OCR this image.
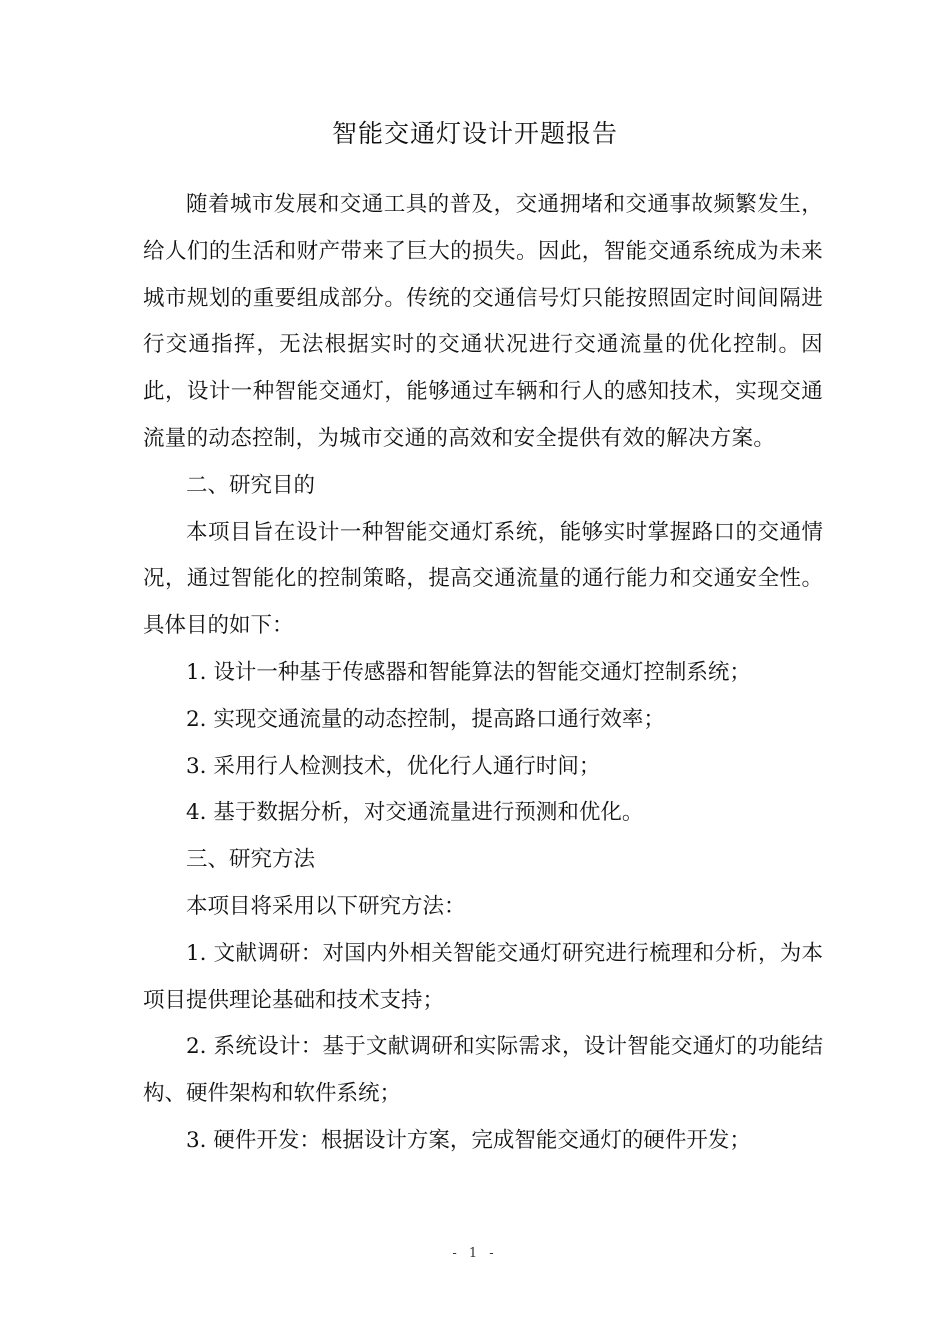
智能交通灯设计开题报告

随着城市发展和交通工具的普及，交通拥堵和交通事故频繁发生，给人们的生活和财产带来了巨大的损失。因此，智能交通系统成为未来城市规划的重要组成部分。传统的交通信号灯只能按照固定时间间隔进行交通指挥，无法根据实时的交通状况进行交通流量的优化控制。因此，设计一种智能交通灯，能够通过车辆和行人的感知技术，实现交通流量的动态控制，为城市交通的高效和安全提供有效的解决方案。

二、研究目的

本项目旨在设计一种智能交通灯系统，能够实时掌握路口的交通情况，通过智能化的控制策略，提高交通流量的通行能力和交通安全性。具体目的如下：

1. 设计一种基于传感器和智能算法的智能交通灯控制系统；

2. 实现交通流量的动态控制，提高路口通行效率；

3. 采用行人检测技术，优化行人通行时间；

4. 基于数据分析，对交通流量进行预测和优化。

三、研究方法

本项目将采用以下研究方法：

1. 文献调研：对国内外相关智能交通灯研究进行梳理和分析，为本项目提供理论基础和技术支持；

2. 系统设计：基于文献调研和实际需求，设计智能交通灯的功能结构、硬件架构和软件系统；

3. 硬件开发：根据设计方案，完成智能交通灯的硬件开发；

- 1 -
